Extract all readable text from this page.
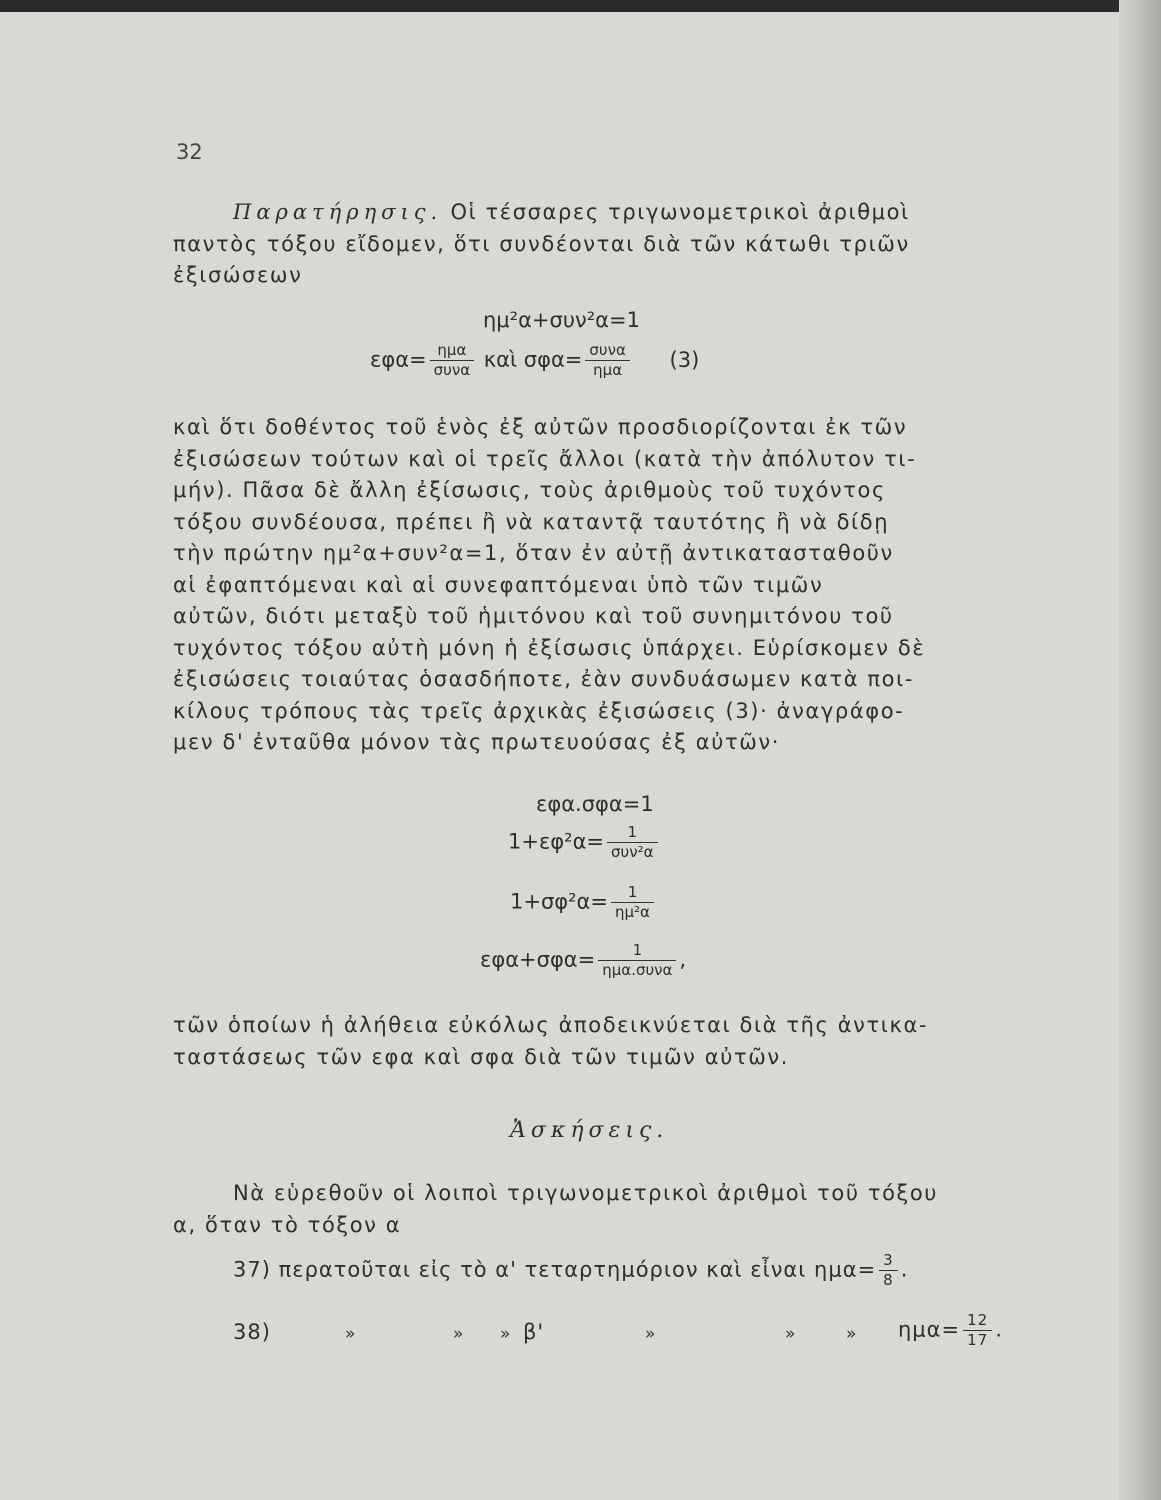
32
Παρατήρησις. Οἱ τέσσαρες τριγωνομετρικοὶ ἀριθμοὶ
παντὸς τόξου εἴδομεν, ὅτι συνδέονται διὰ τῶν κάτωθι τριῶν
ἐξισώσεων
ημ²α+συν²α=1
$\varepsilon\varphi\alpha= \frac{\text{ημα}}{\text{συνα}}$ καὶ $\sigma\varphi\alpha= \frac{\text{συνα}}{\text{ημα}} (3)$
καὶ ὅτι δοθέντος τοῦ ἑνὸς ἐξ αὐτῶν προσδιορίζονται ἐκ τῶν
ἐξισώσεων τούτων καὶ οἱ τρεῖς ἄλλοι (κατὰ τὴν ἀπόλυτον τι-
μήν). Πᾶσα δὲ ἄλλη ἐξίσωσις, τοὺς ἀριθμοὺς τοῦ τυχόντος
τόξου συνδέουσα, πρέπει ἢ νὰ καταντᾷ ταυτότης ἢ νὰ δίδῃ
τὴν πρώτην ημ²α+συν²α=1, ὅταν ἐν αὐτῇ ἀντικατασταθοῦν
αἱ ἐφαπτόμεναι καὶ αἱ συνεφαπτόμεναι ὑπὸ τῶν τιμῶν
αὐτῶν, διότι μεταξὺ τοῦ ἡμιτόνου καὶ τοῦ συνημιτόνου τοῦ
τυχόντος τόξου αὐτὴ μόνη ἡ ἐξίσωσις ὑπάρχει. Εὑρίσκομεν δὲ
ἐξισώσεις τοιαύτας ὁσασδήποτε, ἐὰν συνδυάσωμεν κατὰ ποι-
κίλους τρόπους τὰς τρεῖς ἀρχικὰς ἐξισώσεις (3)· ἀναγράφο-
μεν δ' ἐνταῦθα μόνον τὰς πρωτευούσας ἐξ αὐτῶν·
εφα.σφα=1
$1+\varepsilon\varphi^2\alpha= \frac{1}{\text{συν²α}}$
$1+\sigma\varphi^2\alpha= \frac{1}{\text{ημ²α}}$
$\varepsilon\varphi\alpha+\sigma\varphi\alpha= \frac{1}{\text{ημα.συνα}}$ ,
τῶν ὁποίων ἡ ἀλήθεια εὐκόλως ἀποδεικνύεται διὰ τῆς ἀντικα-
ταστάσεως τῶν εφα καὶ σφα διὰ τῶν τιμῶν αὐτῶν.
Ἀσκήσεις.
Νὰ εὑρεθοῦν οἱ λοιποὶ τριγωνομετρικοὶ ἀριθμοὶ τοῦ τόξου
α, ὅταν τὸ τόξον α
37) περατοῦται εἰς τὸ α' τεταρτημόριον καὶ εἶναι $\eta\mu\alpha= \frac{3}{8}$ .
38)	»	» » β'	»	»	» $\eta\mu\alpha= \frac{12}{17}$ .
